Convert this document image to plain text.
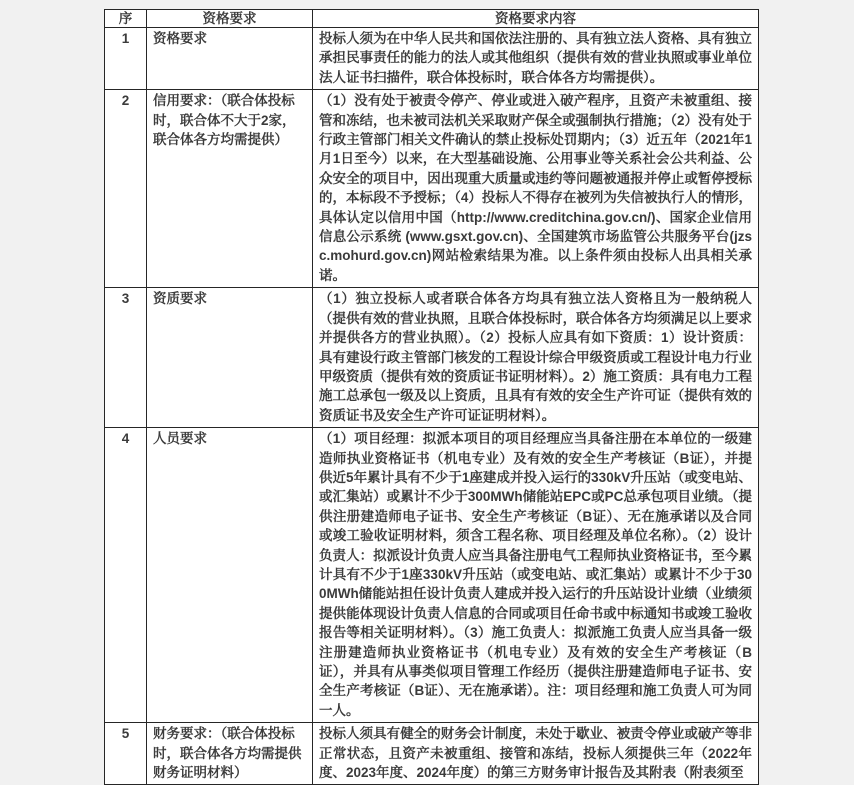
序	资格要求	资格要求内容
1	资格要求	投标人须为在中华人民共和国依法注册的、具有独立法人资格、具有独立承担民事责任的能力的法人或其他组织（提供有效的营业执照或事业单位法人证书扫描件，联合体投标时，联合体各方均需提供）。

2	信用要求：（联合体投标时，联合体不大于2家，联合体各方均需提供）	（1）没有处于被责令停产、停业或进入破产程序，且资产未被重组、接管和冻结，也未被司法机关采取财产保全或强制执行措施；（2）没有处于行政主管部门相关文件确认的禁止投标处罚期内；（3）近五年（2021年1月1日至今）以来，在大型基础设施、公用事业等关系社会公共利益、公众安全的项目中，因出现重大质量或违约等问题被通报并停止或暂停授标的，本标段不予授标；（4）投标人不得存在被列为失信被执行人的情形，具体认定以信用中国（http://www.creditchina.gov.cn/)、国家企业信用信息公示系统 (www.gsxt.gov.cn)、全国建筑市场监管公共服务平台(jzsc.mohurd.gov.cn)网站检索结果为准。以上条件须由投标人出具相关承诺。

3	资质要求	（1）独立投标人或者联合体各方均具有独立法人资格且为一般纳税人（提供有效的营业执照，且联合体投标时，联合体各方均须满足以上要求并提供各方的营业执照）。（2）投标人应具有如下资质：1）设计资质：具有建设行政主管部门核发的工程设计综合甲级资质或工程设计电力行业甲级资质（提供有效的资质证书证明材料）。2）施工资质：具有电力工程施工总承包一级及以上资质，且具有有效的安全生产许可证（提供有效的资质证书及安全生产许可证证明材料）。

4	人员要求	（1）项目经理：拟派本项目的项目经理应当具备注册在本单位的一级建造师执业资格证书（机电专业）及有效的安全生产考核证（B证），并提供近5年累计具有不少于1座建成并投入运行的330kV升压站（或变电站、或汇集站）或累计不少于300MWh储能站EPC或PC总承包项目业绩。（提供注册建造师电子证书、安全生产考核证（B证）、无在施承诺以及合同或竣工验收证明材料，须含工程名称、项目经理及单位名称）。（2）设计负责人：拟派设计负责人应当具备注册电气工程师执业资格证书，至今累计具有不少于1座330kV升压站（或变电站、或汇集站）或累计不少于300MWh储能站担任设计负责人建成并投入运行的升压站设计业绩（业绩须提供能体现设计负责人信息的合同或项目任命书或中标通知书或竣工验收报告等相关证明材料）。（3）施工负责人：拟派施工负责人应当具备一级注册建造师执业资格证书（机电专业）及有效的安全生产考核证（B证），并具有从事类似项目管理工作经历（提供注册建造师电子证书、安全生产考核证（B证）、无在施承诺）。注：项目经理和施工负责人可为同一人。

5	财务要求：（联合体投标时，联合体各方均需提供财务证明材料）	投标人须具有健全的财务会计制度，未处于歇业、被责令停业或破产等非正常状态，且资产未被重组、接管和冻结，投标人须提供三年（2022年度、2023年度、2024年度）的第三方财务审计报告及其附表（附表须至
